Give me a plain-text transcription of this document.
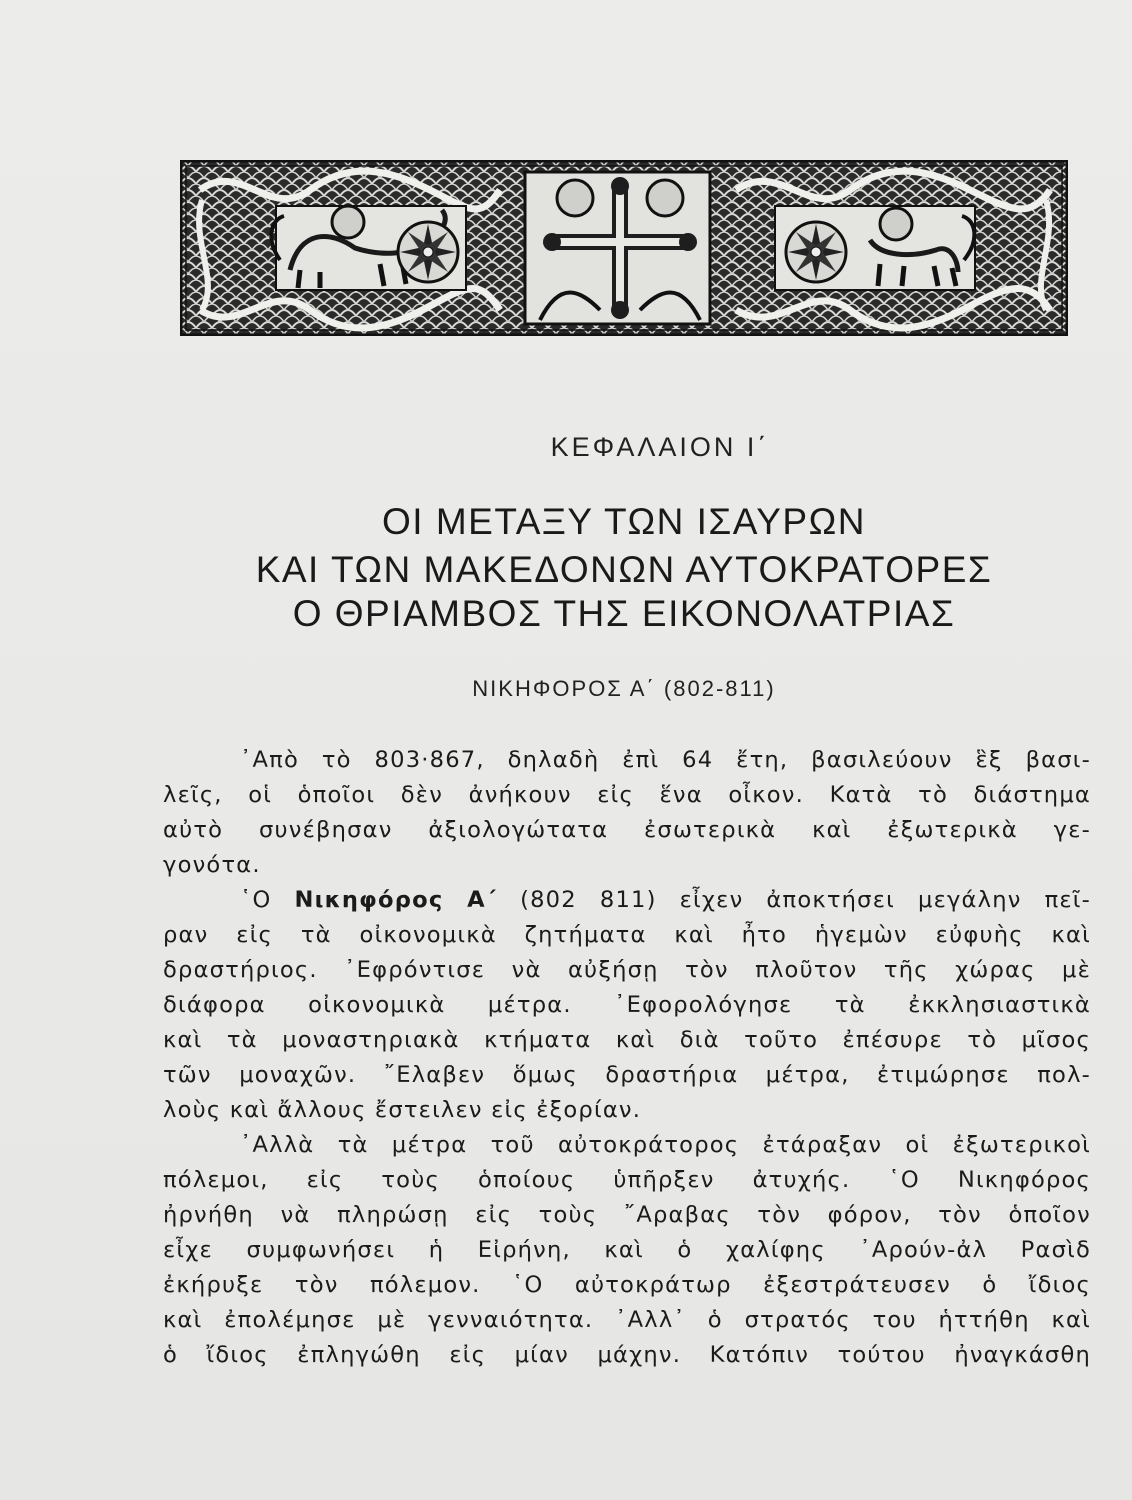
ΚΕΦΑΛΑΙΟΝ Ι΄
ΟΙ ΜΕΤΑΞΥ ΤΩΝ ΙΣΑΥΡΩΝ
ΚΑΙ ΤΩΝ ΜΑΚΕΔΟΝΩΝ ΑΥΤΟΚΡΑΤΟΡΕΣ
Ο ΘΡΙΑΜΒΟΣ ΤΗΣ ΕΙΚΟΝΟΛΑΤΡΙΑΣ
ΝΙΚΗΦΟΡΟΣ Α΄ (802-811)
᾿Απὸ τὸ 803·867, δηλαδὴ ἐπὶ 64 ἔτη, βασιλεύουν ἓξ βασι-
λεῖς, οἱ ὁποῖοι δὲν ἀνήκουν εἰς ἕνα οἶκον. Κατὰ τὸ διάστημα
αὐτὸ συνέβησαν ἀξιολογώτατα ἐσωτερικὰ καὶ ἐξωτερικὰ γε-
γονότα.
῾Ο Νικηφόρος Α΄ (802 811) εἶχεν ἀποκτήσει μεγάλην πεῖ-
ραν εἰς τὰ οἰκονομικὰ ζητήματα καὶ ἦτο ἡγεμὼν εὐφυὴς καὶ
δραστήριος. ᾿Εφρόντισε νὰ αὐξήσῃ τὸν πλοῦτον τῆς χώρας μὲ
διάφορα οἰκονομικὰ μέτρα. ᾿Εφορολόγησε τὰ ἐκκλησιαστικὰ
καὶ τὰ μοναστηριακὰ κτήματα καὶ διὰ τοῦτο ἐπέσυρε τὸ μῖσος
τῶν μοναχῶν. ῎Ελαβεν ὅμως δραστήρια μέτρα, ἐτιμώρησε πολ-
λοὺς καὶ ἄλλους ἔστειλεν εἰς ἐξορίαν.
᾿Αλλὰ τὰ μέτρα τοῦ αὐτοκράτορος ἐτάραξαν οἱ ἐξωτερικοὶ
πόλεμοι, εἰς τοὺς ὁποίους ὑπῆρξεν ἀτυχής. ῾Ο Νικηφόρος
ἠρνήθη νὰ πληρώσῃ εἰς τοὺς ῎Αραβας τὸν φόρον, τὸν ὁποῖον
εἶχε συμφωνήσει ἡ Εἰρήνη, καὶ ὁ χαλίφης ᾿Αρούν-ἀλ Ρασὶδ
ἐκήρυξε τὸν πόλεμον. ῾Ο αὐτοκράτωρ ἐξεστράτευσεν ὁ ἴδιος
καὶ ἐπολέμησε μὲ γενναιότητα. ᾿Αλλ᾿ ὁ στρατός του ἡττήθη καὶ
ὁ ἴδιος ἐπληγώθη εἰς μίαν μάχην. Κατόπιν τούτου ἠναγκάσθη
